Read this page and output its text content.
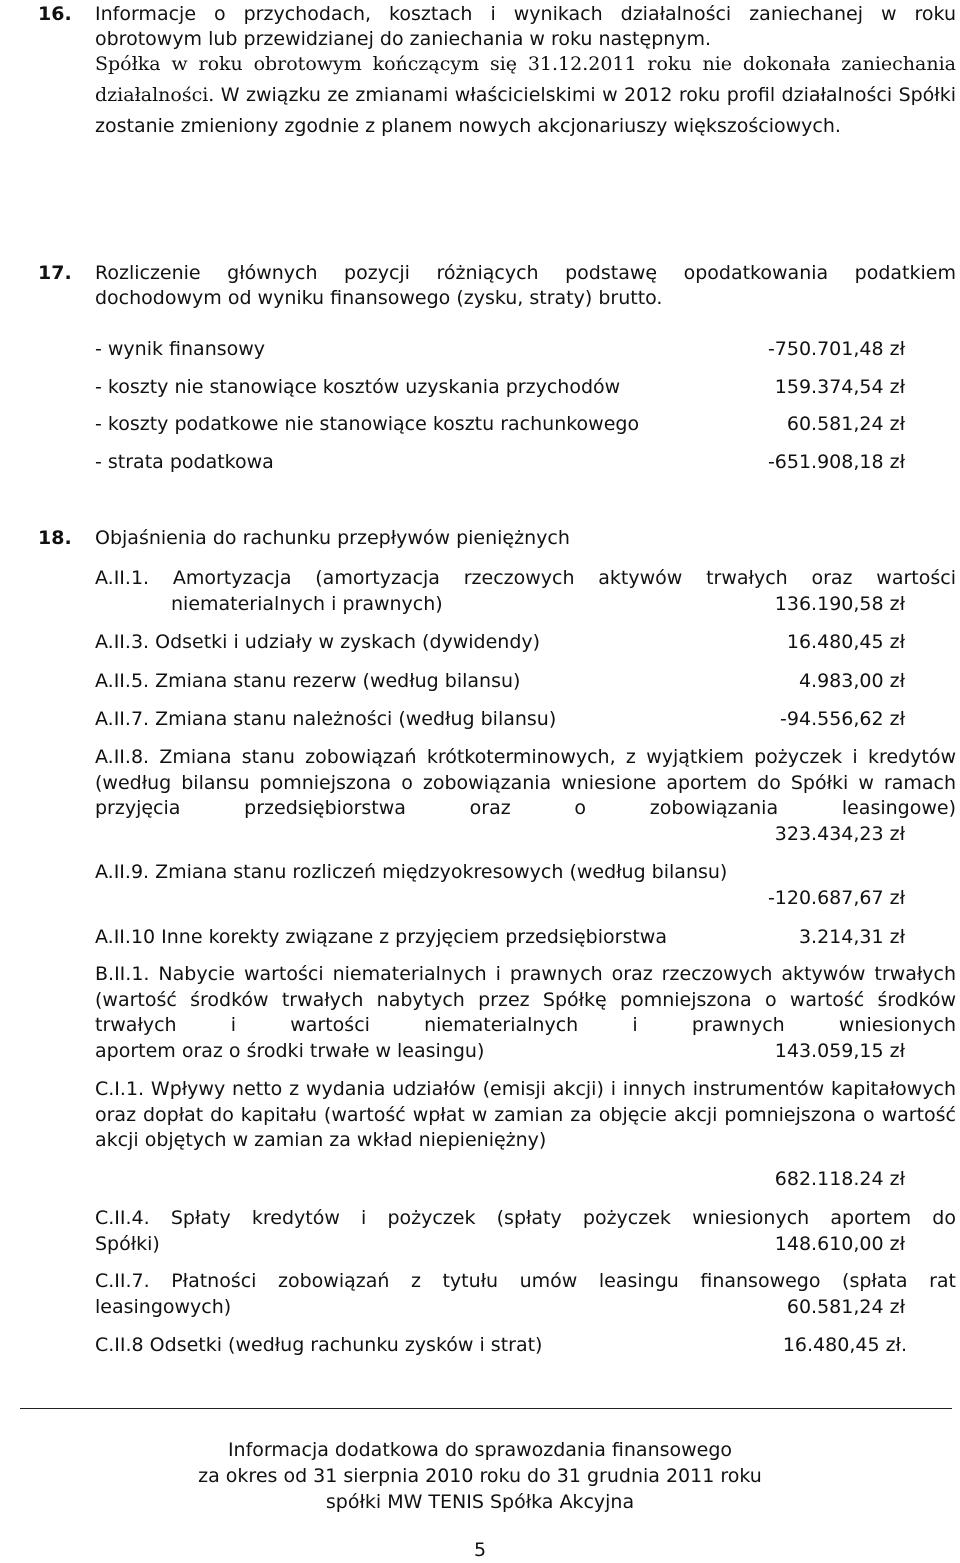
16.	Informacje o przychodach, kosztach i wynikach działalności zaniechanej w roku obrotowym lub przewidzianej do zaniechania w roku następnym.
Spółka w roku obrotowym kończącym się 31.12.2011 roku nie dokonała zaniechania działalności. W związku ze zmianami właścicielskimi w 2012 roku profil działalności Spółki zostanie zmieniony zgodnie z planem nowych akcjonariuszy większościowych.
17.	Rozliczenie głównych pozycji różniących podstawę opodatkowania podatkiem dochodowym od wyniku finansowego (zysku, straty) brutto.
- wynik finansowy	-750.701,48 zł
- koszty nie stanowiące kosztów uzyskania przychodów	159.374,54 zł
- koszty podatkowe nie stanowiące kosztu rachunkowego	60.581,24 zł
- strata podatkowa	-651.908,18 zł
18.	Objaśnienia do rachunku przepływów pieniężnych
A.II.1. Amortyzacja (amortyzacja rzeczowych aktywów trwałych oraz wartości
niematerialnych i prawnych)	136.190,58 zł
A.II.3. Odsetki i udziały w zyskach (dywidendy)	16.480,45 zł
A.II.5. Zmiana stanu rezerw (według bilansu)	4.983,00 zł
A.II.7. Zmiana stanu należności (według bilansu)	-94.556,62 zł
A.II.8. Zmiana stanu zobowiązań krótkoterminowych, z wyjątkiem pożyczek i kredytów (według bilansu pomniejszona o zobowiązania wniesione aportem do Spółki w ramach przyjęcia przedsiębiorstwa oraz o zobowiązania leasingowe)
323.434,23 zł
A.II.9. Zmiana stanu rozliczeń międzyokresowych (według bilansu)
-120.687,67 zł
A.II.10 Inne korekty związane z przyjęciem przedsiębiorstwa	3.214,31 zł
B.II.1. Nabycie wartości niematerialnych i prawnych oraz rzeczowych aktywów trwałych (wartość środków trwałych nabytych przez Spółkę pomniejszona o wartość środków trwałych i wartości niematerialnych i prawnych wniesionych
aportem oraz o środki trwałe w leasingu)	143.059,15 zł
C.I.1. Wpływy netto z wydania udziałów (emisji akcji) i innych instrumentów kapitałowych oraz dopłat do kapitału (wartość wpłat w zamian za objęcie akcji pomniejszona o wartość akcji objętych w zamian za wkład niepieniężny)
682.118.24 zł
C.II.4. Spłaty kredytów i pożyczek (spłaty pożyczek wniesionych aportem do
Spółki)	148.610,00 zł
C.II.7. Płatności zobowiązań z tytułu umów leasingu finansowego (spłata rat
leasingowych)	60.581,24 zł
C.II.8 Odsetki (według rachunku zysków i strat)	16.480,45 zł.
Informacja dodatkowa do sprawozdania finansowego
za okres od 31 sierpnia 2010 roku do 31 grudnia 2011 roku
spółki MW TENIS Spółka Akcyjna
5
